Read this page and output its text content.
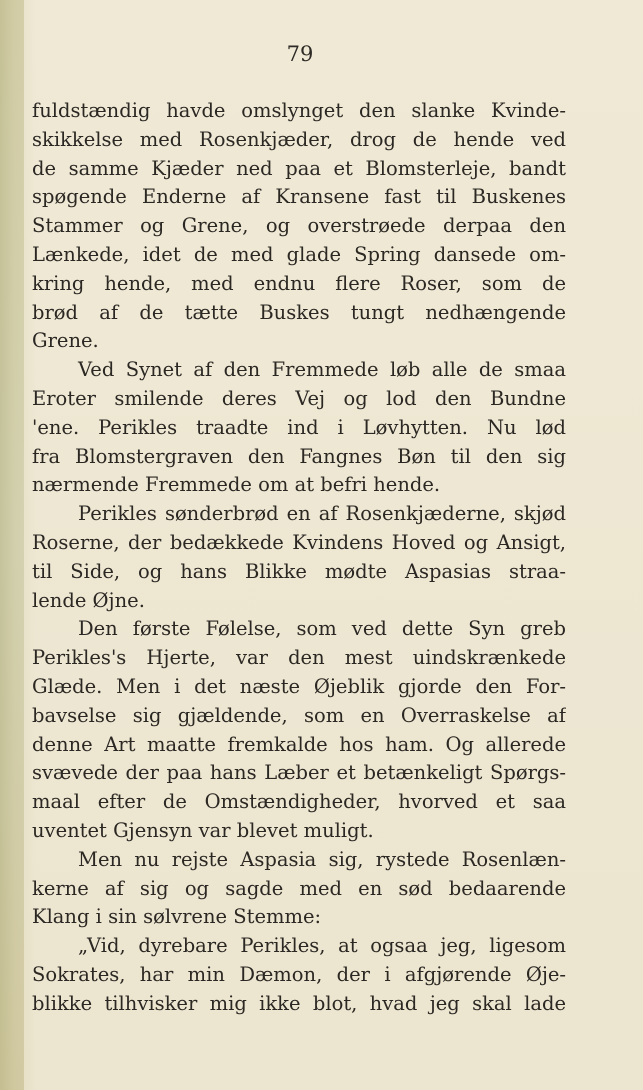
79
fuldstændig havde omslynget den slanke Kvinde-
skikkelse med Rosenkjæder, drog de hende ved
de samme Kjæder ned paa et Blomsterleje, bandt
spøgende Enderne af Kransene fast til Buskenes
Stammer og Grene, og overstrøede derpaa den
Lænkede, idet de med glade Spring dansede om-
kring hende, med endnu flere Roser, som de
brød af de tætte Buskes tungt nedhængende
Grene.
Ved Synet af den Fremmede løb alle de smaa
Eroter smilende deres Vej og lod den Bundne
'ene. Perikles traadte ind i Løvhytten. Nu lød
fra Blomstergraven den Fangnes Bøn til den sig
nærmende Fremmede om at befri hende.
Perikles sønderbrød en af Rosenkjæderne, skjød
Roserne, der bedækkede Kvindens Hoved og Ansigt,
til Side, og hans Blikke mødte Aspasias straa-
lende Øjne.
Den første Følelse, som ved dette Syn greb
Perikles's Hjerte, var den mest uindskrænkede
Glæde. Men i det næste Øjeblik gjorde den For-
bavselse sig gjældende, som en Overraskelse af
denne Art maatte fremkalde hos ham. Og allerede
svævede der paa hans Læber et betænkeligt Spørgs-
maal efter de Omstændigheder, hvorved et saa
uventet Gjensyn var blevet muligt.
Men nu rejste Aspasia sig, rystede Rosenlæn-
kerne af sig og sagde med en sød bedaarende
Klang i sin sølvrene Stemme:
„Vid, dyrebare Perikles, at ogsaa jeg, ligesom
Sokrates, har min Dæmon, der i afgjørende Øje-
blikke tilhvisker mig ikke blot, hvad jeg skal lade
